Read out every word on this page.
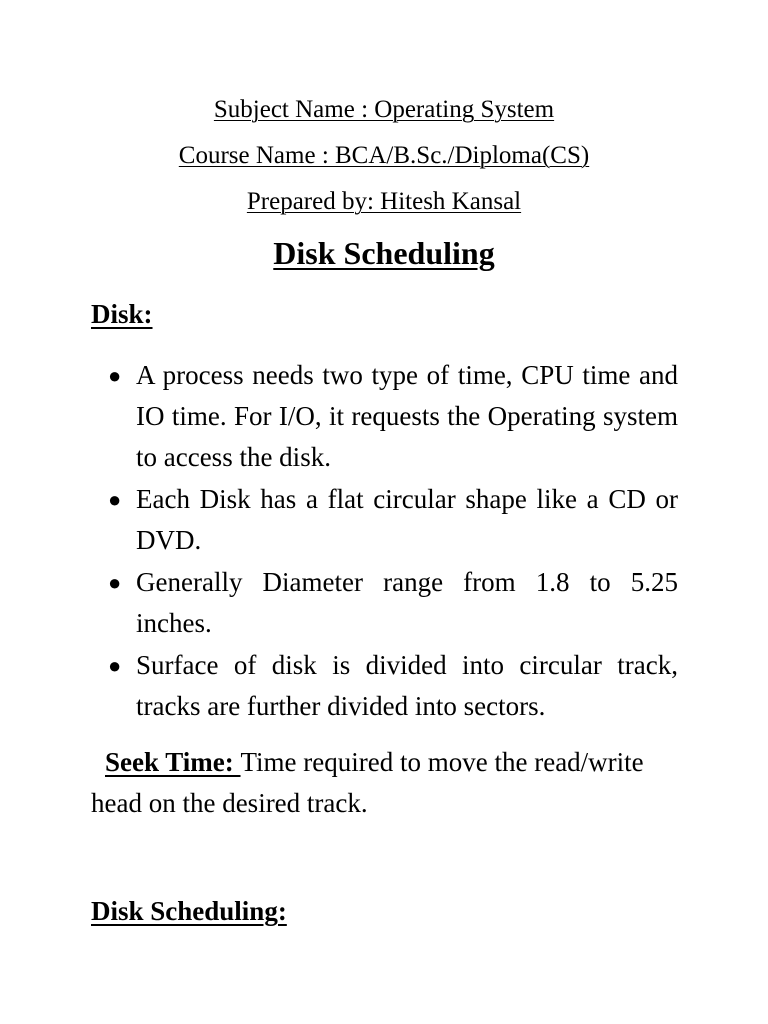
Subject Name : Operating System
Course Name : BCA/B.Sc./Diploma(CS)
Prepared by: Hitesh Kansal
Disk Scheduling
Disk:
● A process needs two type of time, CPU time and IO time. For I/O, it requests the Operating system to access the disk.
● Each Disk has a flat circular shape like a CD or DVD.
● Generally Diameter range from 1.8 to 5.25 inches.
● Surface of disk is divided into circular track, tracks are further divided into sectors.
Seek Time: Time required to move the read/write head on the desired track.
Disk Scheduling:
